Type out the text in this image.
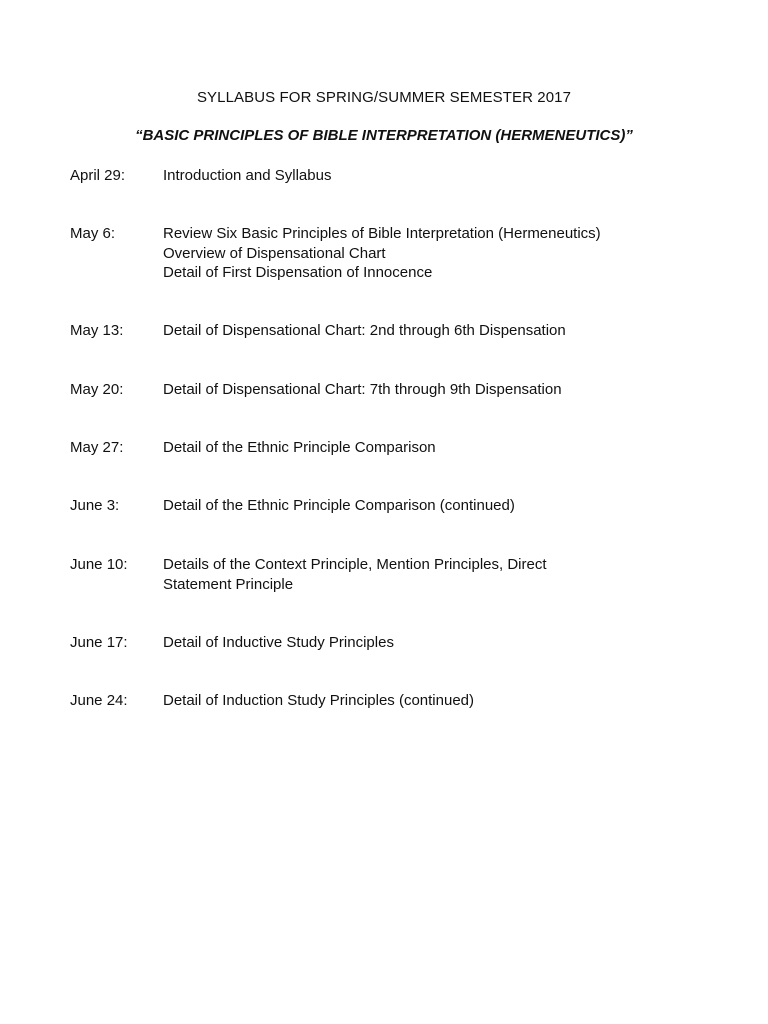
SYLLABUS FOR SPRING/SUMMER SEMESTER 2017
“BASIC PRINCIPLES OF BIBLE INTERPRETATION (HERMENEUTICS)”
April 29:	Introduction and Syllabus
May 6:	Review Six Basic Principles of Bible Interpretation (Hermeneutics)
Overview of Dispensational Chart
Detail of First Dispensation of Innocence
May 13:	Detail of Dispensational Chart: 2nd through 6th Dispensation
May 20:	Detail of Dispensational Chart: 7th through 9th Dispensation
May 27:	Detail of the Ethnic Principle Comparison
June 3:	Detail of the Ethnic Principle Comparison (continued)
June 10: Details of the Context Principle, Mention Principles, Direct
Statement Principle
June 17: Detail of Inductive Study Principles
June 24: Detail of Induction Study Principles (continued)
